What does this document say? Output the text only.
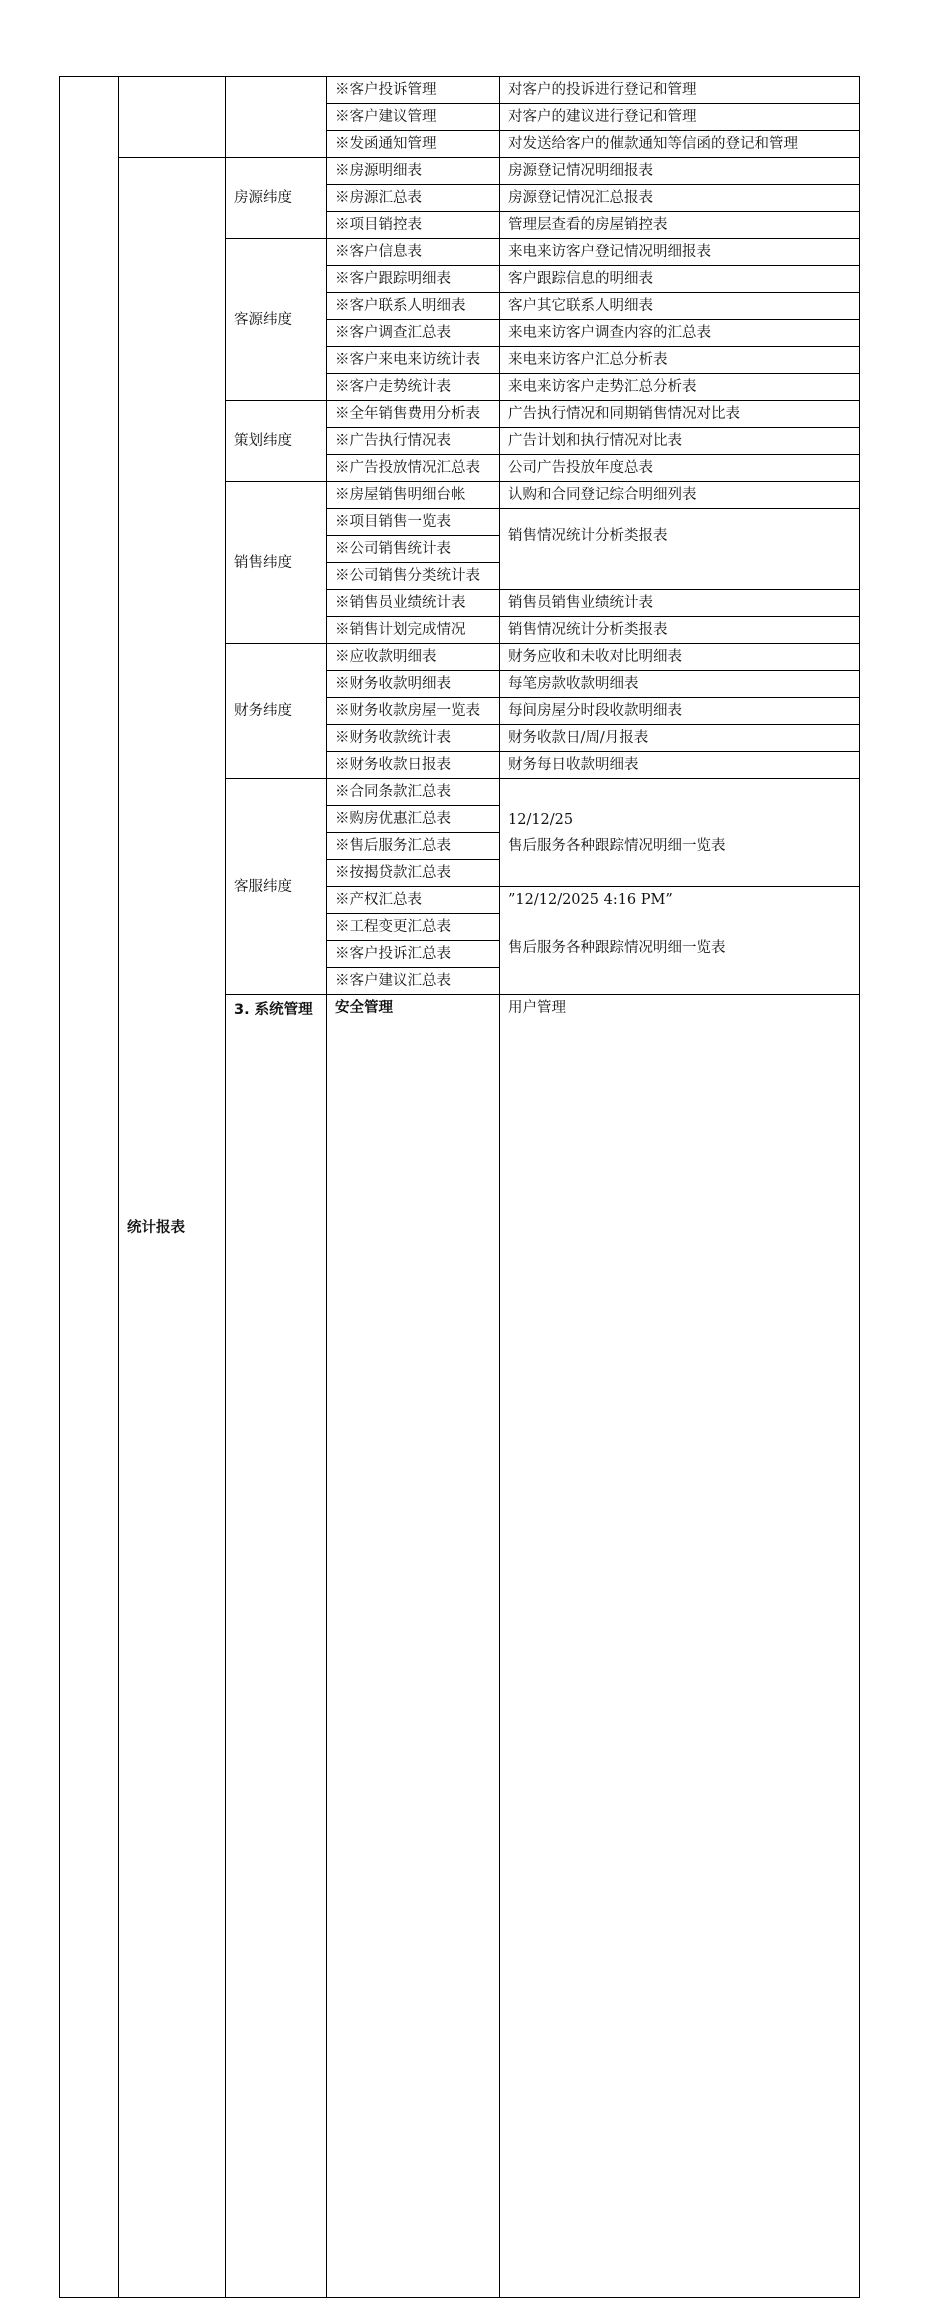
			※客户投诉管理	对客户的投诉进行登记和管理	
			※客户建议管理	对客户的建议进行登记和管理	
			※发函通知管理	对发送给客户的催款通知等信函的登记和管理	
	统计报表	房源纬度	※房源明细表	房源登记情况明细报表	
			※房源汇总表	房源登记情况汇总报表	
			※项目销控表	管理层查看的房屋销控表	
		客源纬度	※客户信息表	来电来访客户登记情况明细报表	
			※客户跟踪明细表	客户跟踪信息的明细表	
			※客户联系人明细表	客户其它联系人明细表	
			※客户调查汇总表	来电来访客户调查内容的汇总表	
			※客户来电来访统计表	来电来访客户汇总分析表	
			※客户走势统计表	来电来访客户走势汇总分析表	
		策划纬度	※全年销售费用分析表	广告执行情况和同期销售情况对比表	
			※广告执行情况表	广告计划和执行情况对比表	
			※广告投放情况汇总表	公司广告投放年度总表	
		销售纬度	※房屋销售明细台帐	认购和合同登记综合明细列表	
			※项目销售一览表	销售情况统计分析类报表	
			※公司销售统计表		
			※公司销售分类统计表		
			※销售员业绩统计表	销售员销售业绩统计表	
			※销售计划完成情况	销售情况统计分析类报表	
		财务纬度	※应收款明细表	财务应收和未收对比明细表	
			※财务收款明细表	每笔房款收款明细表	
			※财务收款房屋一览表	每间房屋分时段收款明细表	
			※财务收款统计表	财务收款日/周/月报表	
			※财务收款日报表	财务每日收款明细表	
		客服纬度	※合同条款汇总表	12/12/25
售后服务各种跟踪情况明细一览表	

			※购房优惠汇总表		
			※售后服务汇总表		
			※按揭贷款汇总表		
			※产权汇总表	”12/12/2025 4:16 PM”
售后服务各种跟踪情况明细一览表	

			※工程变更汇总表		
			※客户投诉汇总表		
			※客户建议汇总表		
		3. 系统管理	安全管理	用户管理		
